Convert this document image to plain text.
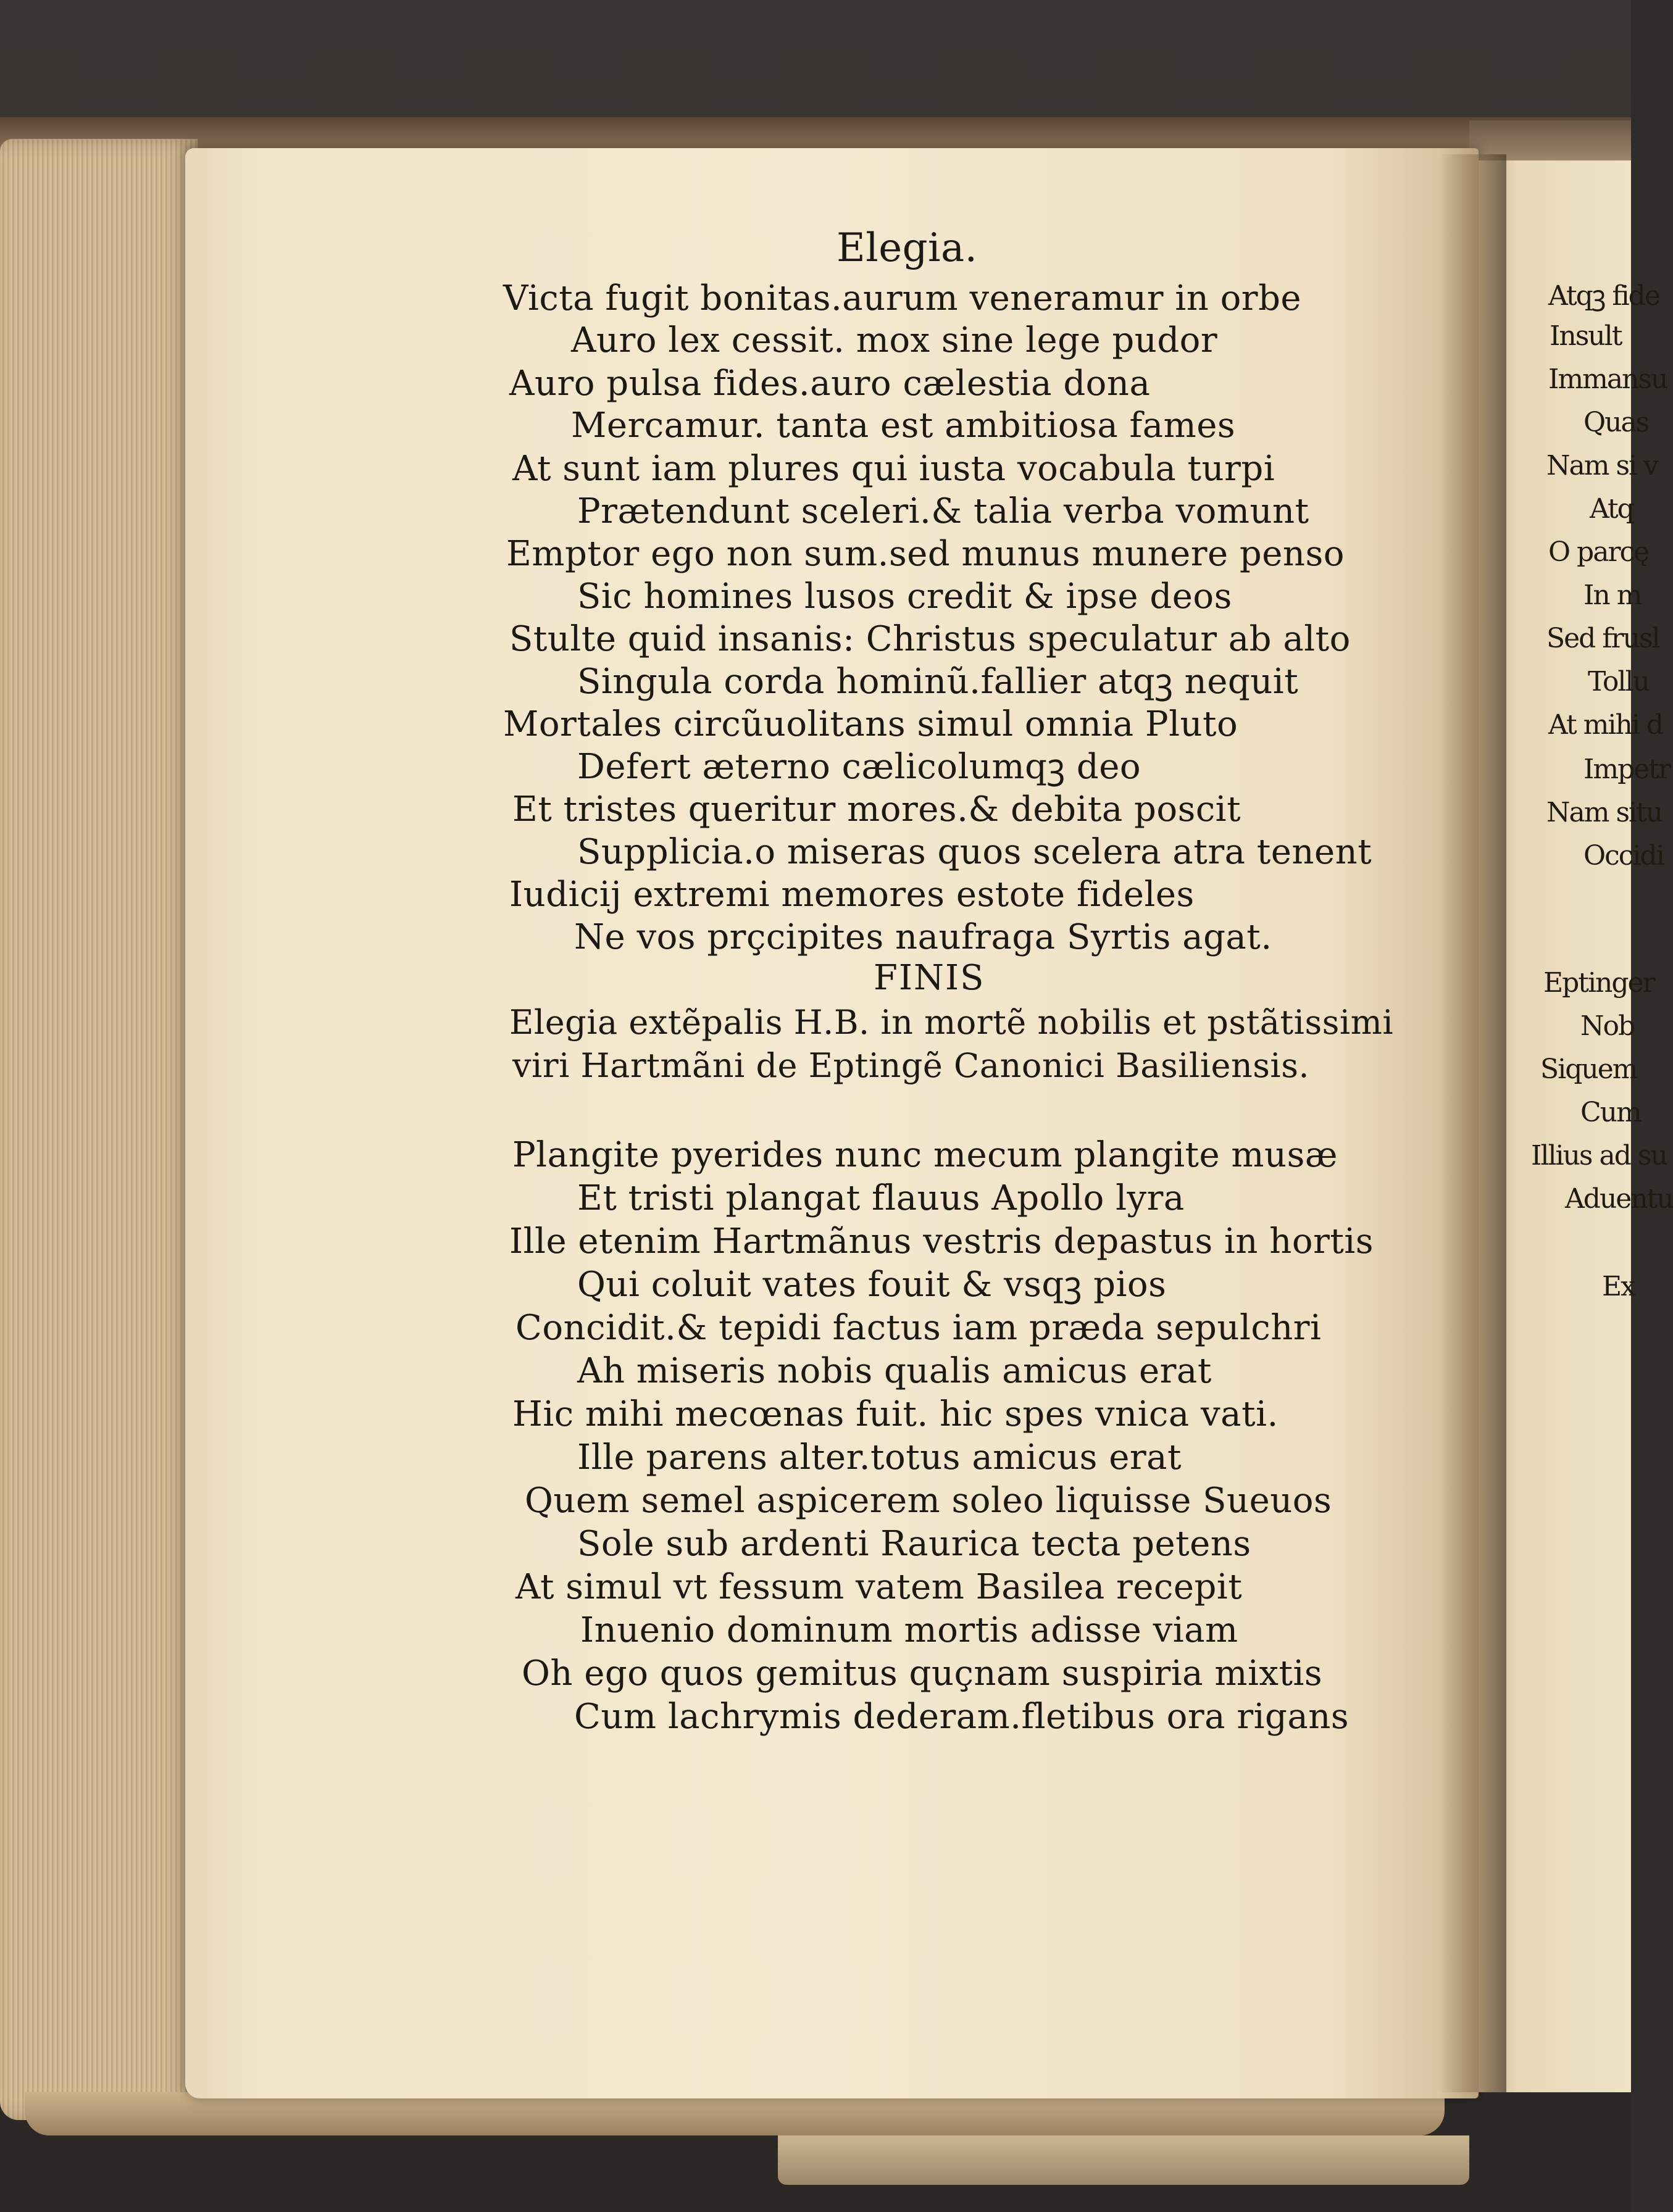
Elegia.
Victa fugit bonitas.aurum veneramur in orbe
Auro lex cessit. mox sine lege pudor
Auro pulsa fides.auro cælestia dona
Mercamur. tanta est ambitiosa fames
At sunt iam plures qui iusta vocabula turpi
Prætendunt sceleri.& talia verba vomunt
Emptor ego non sum.sed munus munere penso
Sic homines lusos credit & ipse deos
Stulte quid insanis: Christus speculatur ab alto
Singula corda hominũ.fallier atqꝫ nequit
Mortales circũuolitans simul omnia Pluto
Defert æterno cælicolumqꝫ deo
Et tristes queritur mores.& debita poscit
Supplicia.o miseras quos scelera atra tenent
Iudicij extremi memores estote fideles
Ne vos prçcipites naufraga Syrtis agat.
FINIS
Elegia extẽpalis H.B. in mortẽ nobilis et pstãtissimi
viri Hartmãni de Eptingẽ Canonici Basiliensis.
Plangite pyerides nunc mecum plangite musæ
Et tristi plangat flauus Apollo lyra
Ille etenim Hartmãnus vestris depastus in hortis
Qui coluit vates fouit & vsqꝫ pios
Concidit.& tepidi factus iam præda sepulchri
Ah miseris nobis qualis amicus erat
Hic mihi mecœnas fuit. hic spes vnica vati.
Ille parens alter.totus amicus erat
Quem semel aspicerem soleo liquisse Sueuos
Sole sub ardenti Raurica tecta petens
At simul vt fessum vatem Basilea recepit
Inuenio dominum mortis adisse viam
Oh ego quos gemitus quçnam suspiria mixtis
Cum lachrymis dederam.fletibus ora rigans
Atqꝫ fide
Insult
Immansu
Quas
Nam si v
Atq
O parcę
In m
Sed frusl
Tollu
At mihi d
Impetr
Nam situ
Occidi
Eptinger
Nob
Siquem
Cum
Illius ad su
Aduentu
Ex
